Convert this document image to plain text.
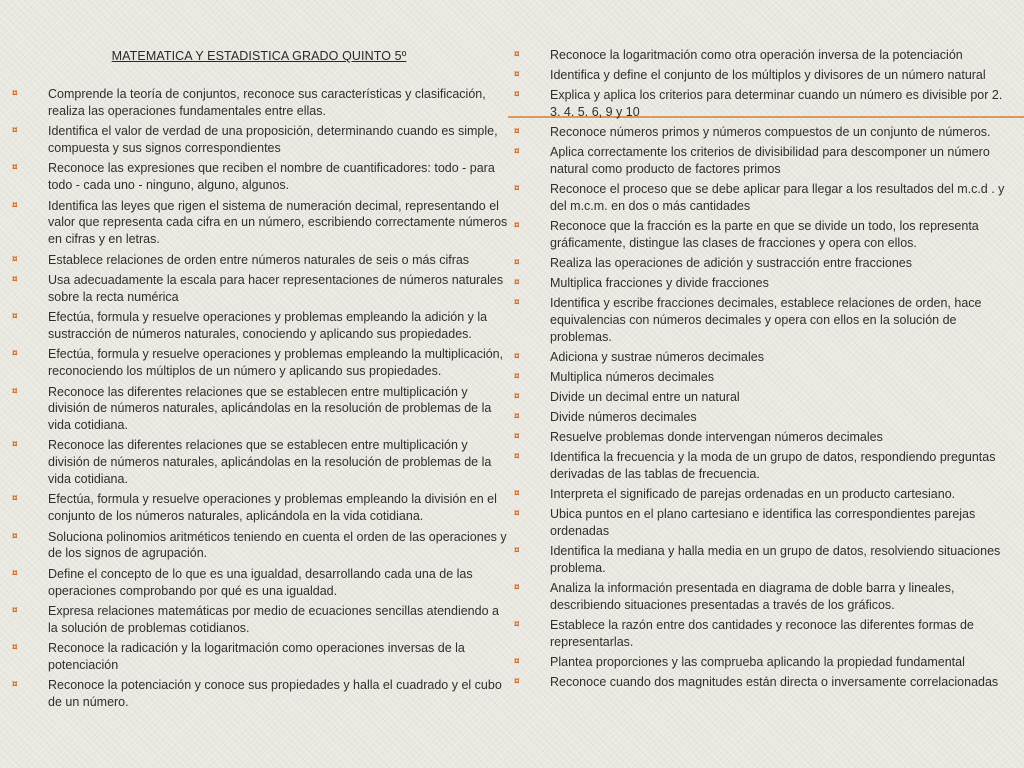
MATEMATICA Y ESTADISTICA GRADO QUINTO 5º
¤ Comprende la teoría de conjuntos, reconoce sus características y clasificación, realiza las operaciones fundamentales entre ellas.
¤ Identifica el valor de verdad de una proposición, determinando cuando es simple, compuesta y sus signos correspondientes
¤ Reconoce las expresiones que reciben el nombre de cuantificadores: todo - para todo - cada uno - ninguno, alguno, algunos.
¤ Identifica las leyes que rigen el sistema de numeración decimal, representando el valor que representa cada cifra en un número, escribiendo correctamente números en cifras y en letras.
¤ Establece relaciones de orden entre números naturales de seis o más cifras
¤ Usa adecuadamente la escala para hacer representaciones de números naturales sobre la recta numérica
¤ Efectúa, formula y resuelve operaciones y problemas empleando la adición y la sustracción de números naturales, conociendo y aplicando sus propiedades.
¤ Efectúa, formula y resuelve operaciones y problemas empleando la multiplicación, reconociendo los múltiplos de un número y aplicando sus propiedades.
¤ Reconoce las diferentes relaciones que se establecen entre multiplicación y división de números naturales, aplicándolas en la resolución de problemas de la vida cotidiana.
¤ Reconoce las diferentes relaciones que se establecen entre multiplicación y división de números naturales, aplicándolas en la resolución de problemas de la vida cotidiana.
¤ Efectúa, formula y resuelve operaciones y problemas empleando la división en el conjunto de los números naturales, aplicándola en la vida cotidiana.
¤ Soluciona polinomios aritméticos teniendo en cuenta el orden de las operaciones y de los signos de agrupación.
¤ Define el concepto de lo que es una igualdad, desarrollando cada una de las operaciones comprobando por qué es una igualdad.
¤ Expresa relaciones matemáticas por medio de ecuaciones sencillas atendiendo a la solución de problemas cotidianos.
¤ Reconoce la radicación y la logaritmación como operaciones inversas de la potenciación
¤ Reconoce la potenciación y conoce sus propiedades y halla el cuadrado y el cubo de un número.
¤ Reconoce la logaritmación como otra operación inversa de la potenciación
¤ Identifica y define el conjunto de los múltiplos y divisores de un número natural
¤ Explica y aplica los criterios para determinar cuando un número es divisible por 2. 3. 4. 5. 6, 9 y 10
¤ Reconoce números primos y números compuestos de un conjunto de números.
¤ Aplica correctamente los criterios de divisibilidad para descomponer un número natural como producto de factores primos
¤ Reconoce el proceso que se debe aplicar para llegar a los resultados del m.c.d . y del m.c.m. en dos o más cantidades
¤ Reconoce que la fracción es la parte en que se divide un todo, los representa gráficamente, distingue las clases de fracciones y opera con ellos.
¤ Realiza las operaciones de adición y sustracción entre fracciones
¤ Multiplica fracciones y divide fracciones
¤ Identifica y escribe fracciones decimales, establece relaciones de orden, hace equivalencias con números decimales y opera con ellos en la solución de problemas.
¤ Adiciona y sustrae números decimales
¤ Multiplica números decimales
¤ Divide un decimal entre un natural
¤ Divide números decimales
¤ Resuelve problemas donde intervengan números decimales
¤ Identifica la frecuencia y la moda de un grupo de datos, respondiendo preguntas derivadas de las tablas de frecuencia.
¤ Interpreta el significado de parejas ordenadas en un producto cartesiano.
¤ Ubica puntos en el plano cartesiano e identifica las correspondientes parejas ordenadas
¤ Identifica la mediana y halla media en un grupo de datos, resolviendo situaciones problema.
¤ Analiza la información presentada en diagrama de doble barra y lineales, describiendo situaciones presentadas a través de los gráficos.
¤ Establece la razón entre dos cantidades y reconoce las diferentes formas de representarlas.
¤ Plantea proporciones y las comprueba aplicando la propiedad fundamental
¤ Reconoce cuando dos magnitudes están directa o inversamente correlacionadas
